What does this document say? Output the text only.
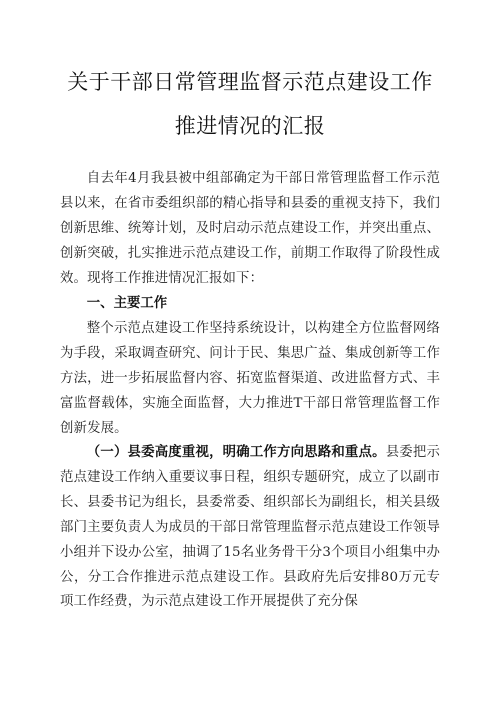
关于干部日常管理监督示范点建设工作
推进情况的汇报

自去年4月我县被中组部确定为干部日常管理监督工作示范县以来，在省市委组织部的精心指导和县委的重视支持下，我们创新思维、统筹计划，及时启动示范点建设工作，并突出重点、创新突破，扎实推进示范点建设工作，前期工作取得了阶段性成效。现将工作推进情况汇报如下：

一、主要工作

整个示范点建设工作坚持系统设计，以构建全方位监督网络为手段，采取调查研究、问计于民、集思广益、集成创新等工作方法，进一步拓展监督内容、拓宽监督渠道、改进监督方式、丰富监督载体，实施全面监督，大力推进T干部日常管理监督工作创新发展。

（一）县委高度重视，明确工作方向思路和重点。县委把示范点建设工作纳入重要议事日程，组织专题研究，成立了以副市长、县委书记为组长，县委常委、组织部长为副组长，相关县级部门主要负责人为成员的干部日常管理监督示范点建设工作领导小组并下设办公室，抽调了15名业务骨干分3个项目小组集中办公，分工合作推进示范点建设工作。县政府先后安排80万元专项工作经费，为示范点建设工作开展提供了充分保
